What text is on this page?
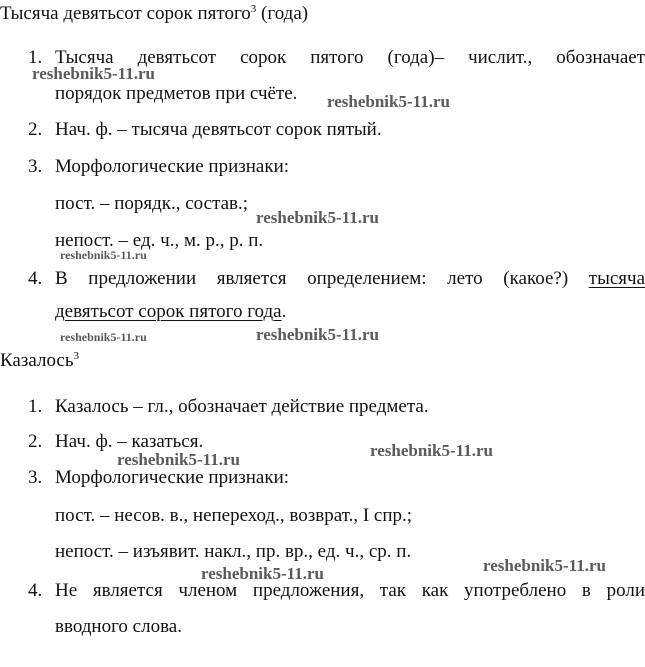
Тысяча девятьсот сорок пятого$^3$ (года)
1. Тысяча девятьсот сорок пятого (года)– числит., обозначает
порядок предметов при счёте.
2. Нач. ф. – тысяча девятьсот сорок пятый.
3. Морфологические признаки:
пост. – порядк., состав.;
непост. – ед. ч., м. р., р. п.
4. В предложении является определением: лето (какое?) тысяча
девятьсот сорок пятого года.
Казалось$^3$
1. Казалось – гл., обозначает действие предмета.
2. Нач. ф. – казаться.
3. Морфологические признаки:
пост. – несов. в., непереход., возврат., I спр.;
непост. – изъявит. накл., пр. вр., ед. ч., ср. п.
4. Не является членом предложения, так как употреблено в роли
вводного слова.
reshebnik5-11.ru
reshebnik5-11.ru
reshebnik5-11.ru
reshebnik5-11.ru
reshebnik5-11.ru	reshebnik5-11.ru
reshebnik5-11.ru	reshebnik5-11.ru
reshebnik5-11.ru
reshebnik5-11.ru
